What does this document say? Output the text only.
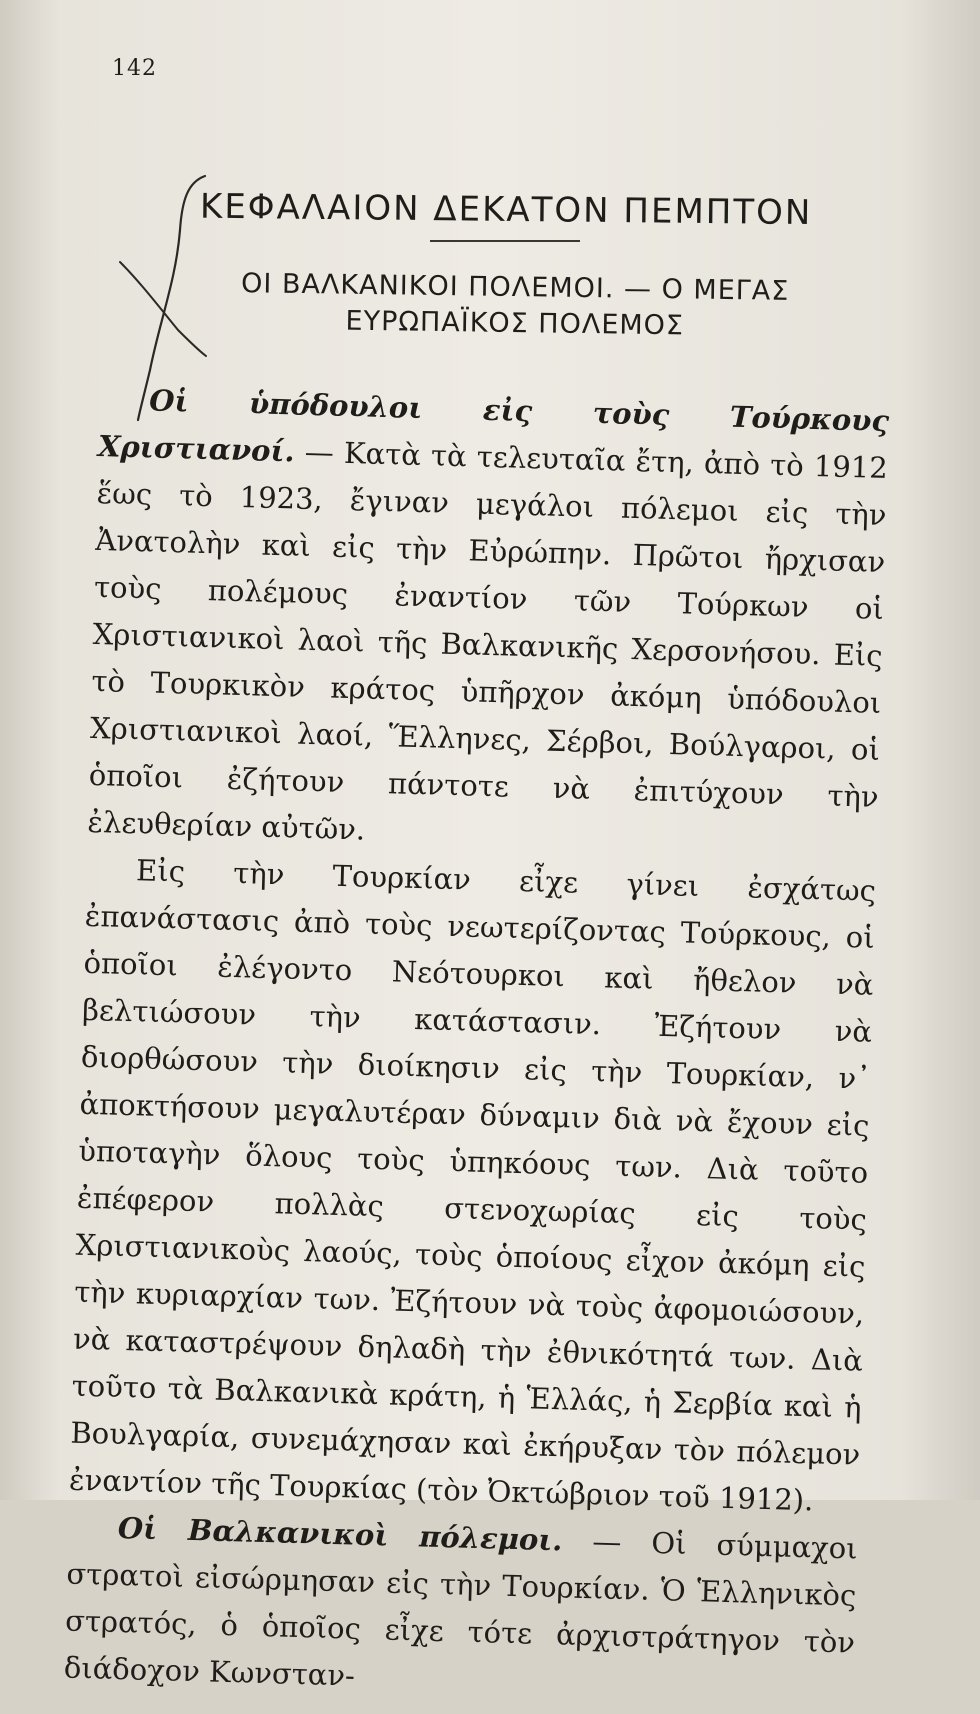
142
ΚΕΦΑΛΑΙΟΝ ΔΕΚΑΤΟΝ ΠΕΜΠΤΟΝ
ΟΙ ΒΑΛΚΑΝΙΚΟΙ ΠΟΛΕΜΟΙ. — Ο ΜΕΓΑΣ
ΕΥΡΩΠΑΪΚΟΣ ΠΟΛΕΜΟΣ

Οἱ ὑπόδουλοι εἰς τοὺς Τούρκους Χριστιανοί. — Κατὰ τὰ τελευταῖα ἔτη, ἀπὸ τὸ 1912 ἕως τὸ 1923, ἔγιναν μεγάλοι πόλεμοι εἰς τὴν Ἀνατολὴν καὶ εἰς τὴν Εὐρώπην. Πρῶτοι ἤρχισαν τοὺς πολέμους ἐναντίον τῶν Τούρκων οἱ Χριστιανικοὶ λαοὶ τῆς Βαλκανικῆς Χερσονήσου. Εἰς τὸ Τουρκικὸν κράτος ὑπῆρχον ἀκόμη ὑπόδουλοι Χριστιανικοὶ λαοί, Ἕλληνες, Σέρβοι, Βούλγαροι, οἱ ὁποῖοι ἐζήτουν πάντοτε νὰ ἐπιτύχουν τὴν ἐλευθερίαν αὐτῶν.

Εἰς τὴν Τουρκίαν εἶχε γίνει ἐσχάτως ἐπανάστασις ἀπὸ τοὺς νεωτερίζοντας Τούρκους, οἱ ὁποῖοι ἐλέγοντο Νεότουρκοι καὶ ἤθελον νὰ βελτιώσουν τὴν κατάστασιν. Ἐζήτουν νὰ διορθώσουν τὴν διοίκησιν εἰς τὴν Τουρκίαν, ν᾽ ἀποκτήσουν μεγαλυτέραν δύναμιν διὰ νὰ ἔχουν εἰς ὑποταγὴν ὅλους τοὺς ὑπηκόους των. Διὰ τοῦτο ἐπέφερον πολλὰς στενοχωρίας εἰς τοὺς Χριστιανικοὺς λαούς, τοὺς ὁποίους εἶχον ἀκόμη εἰς τὴν κυριαρχίαν των. Ἐζήτουν νὰ τοὺς ἀφομοιώσουν, νὰ καταστρέψουν δηλαδὴ τὴν ἐθνικότητά των. Διὰ τοῦτο τὰ Βαλκανικὰ κράτη, ἡ Ἑλλάς, ἡ Σερβία καὶ ἡ Βουλγαρία, συνεμάχησαν καὶ ἐκήρυξαν τὸν πόλεμον ἐναντίον τῆς Τουρκίας (τὸν Ὀκτώβριον τοῦ 1912).

Οἱ Βαλκανικοὶ πόλεμοι. — Οἱ σύμμαχοι στρατοὶ εἰσώρμησαν εἰς τὴν Τουρκίαν. Ὁ Ἑλληνικὸς στρατός, ὁ ὁποῖος εἶχε τότε ἀρχιστράτηγον τὸν διάδοχον Κωνσταν-
